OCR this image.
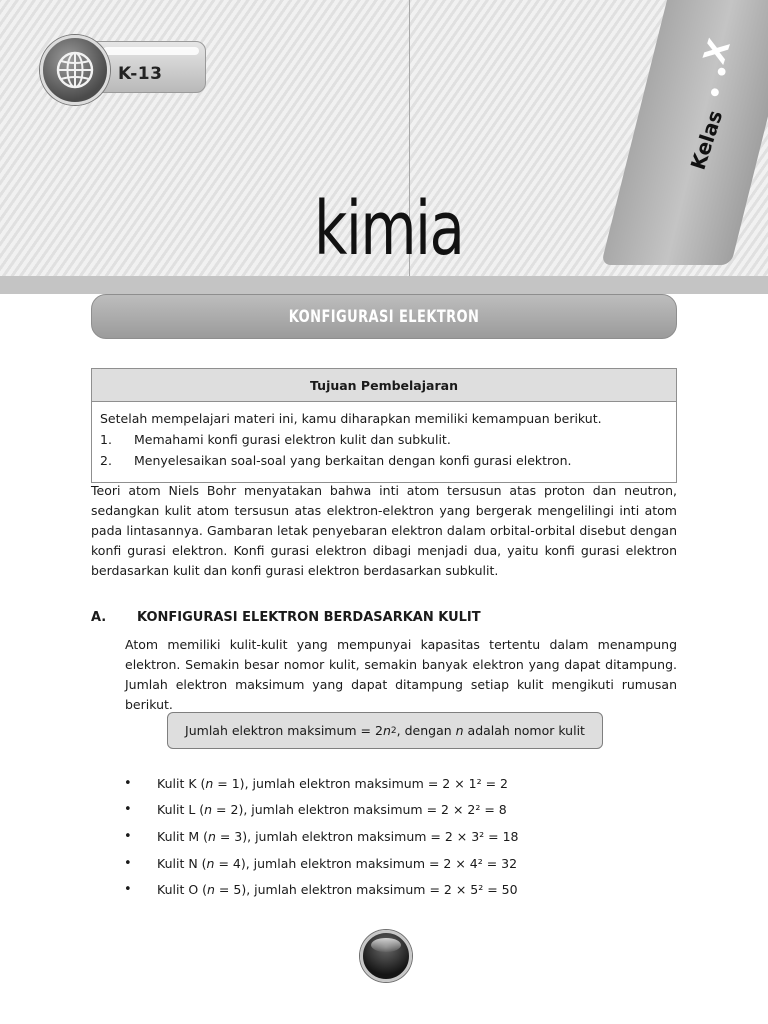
K-13
X
• •
Kelas
kimia
KONFIGURASI ELEKTRON
Tujuan Pembelajaran
Setelah mempelajari materi ini, kamu diharapkan memiliki kemampuan berikut.
1.	Memahami konfi gurasi elektron kulit dan subkulit.
2.	Menyelesaikan soal-soal yang berkaitan dengan konfi gurasi elektron.
Teori atom Niels Bohr menyatakan bahwa inti atom tersusun atas proton dan neutron, sedangkan kulit atom tersusun atas elektron-elektron yang bergerak mengelilingi inti atom pada lintasannya. Gambaran letak penyebaran elektron dalam orbital-orbital disebut dengan konfi gurasi elektron. Konfi gurasi elektron dibagi menjadi dua, yaitu konfi gurasi elektron berdasarkan kulit dan konfi gurasi elektron berdasarkan subkulit.
A.	KONFIGURASI ELEKTRON BERDASARKAN KULIT
Atom memiliki kulit-kulit yang mempunyai kapasitas tertentu dalam menampung elektron. Semakin besar nomor kulit, semakin banyak elektron yang dapat ditampung. Jumlah elektron maksimum yang dapat ditampung setiap kulit mengikuti rumusan berikut.
Jumlah elektron maksimum = 2 n 2 , dengan n adalah nomor kulit
•	Kulit K ( n = 1), jumlah elektron maksimum = 2 × 1² = 2
•	Kulit L ( n = 2), jumlah elektron maksimum = 2 × 2² = 8
•	Kulit M ( n = 3), jumlah elektron maksimum = 2 × 3² = 18
•	Kulit N ( n = 4), jumlah elektron maksimum = 2 × 4² = 32
•	Kulit O ( n = 5), jumlah elektron maksimum = 2 × 5² = 50
